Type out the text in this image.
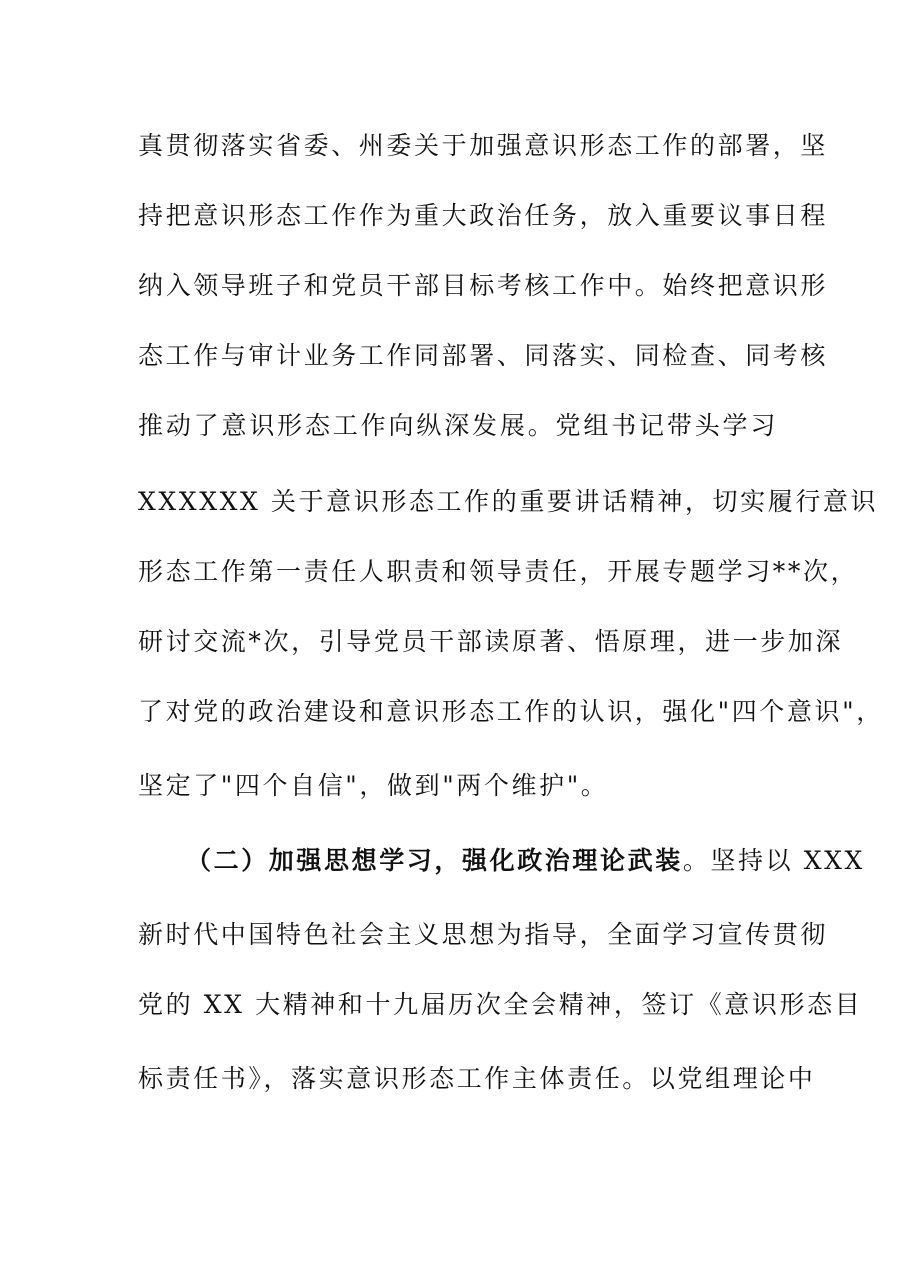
真贯彻落实省委、州委关于加强意识形态工作的部署，坚
持把意识形态工作作为重大政治任务，放入重要议事日程
纳入领导班子和党员干部目标考核工作中。始终把意识形
态工作与审计业务工作同部署、同落实、同检查、同考核
推动了意识形态工作向纵深发展。党组书记带头学习
XXXXXX 关于意识形态工作的重要讲话精神，切实履行意识
形态工作第一责任人职责和领导责任，开展专题学习**次，
研讨交流*次，引导党员干部读原著、悟原理，进一步加深
了对党的政治建设和意识形态工作的认识，强化"四个意识"，
坚定了"四个自信"，做到"两个维护"。
（二）加强思想学习，强化政治理论武装。坚持以 XXX
新时代中国特色社会主义思想为指导，全面学习宣传贯彻
党的 XX 大精神和十九届历次全会精神，签订《意识形态目
标责任书》，落实意识形态工作主体责任。以党组理论中
